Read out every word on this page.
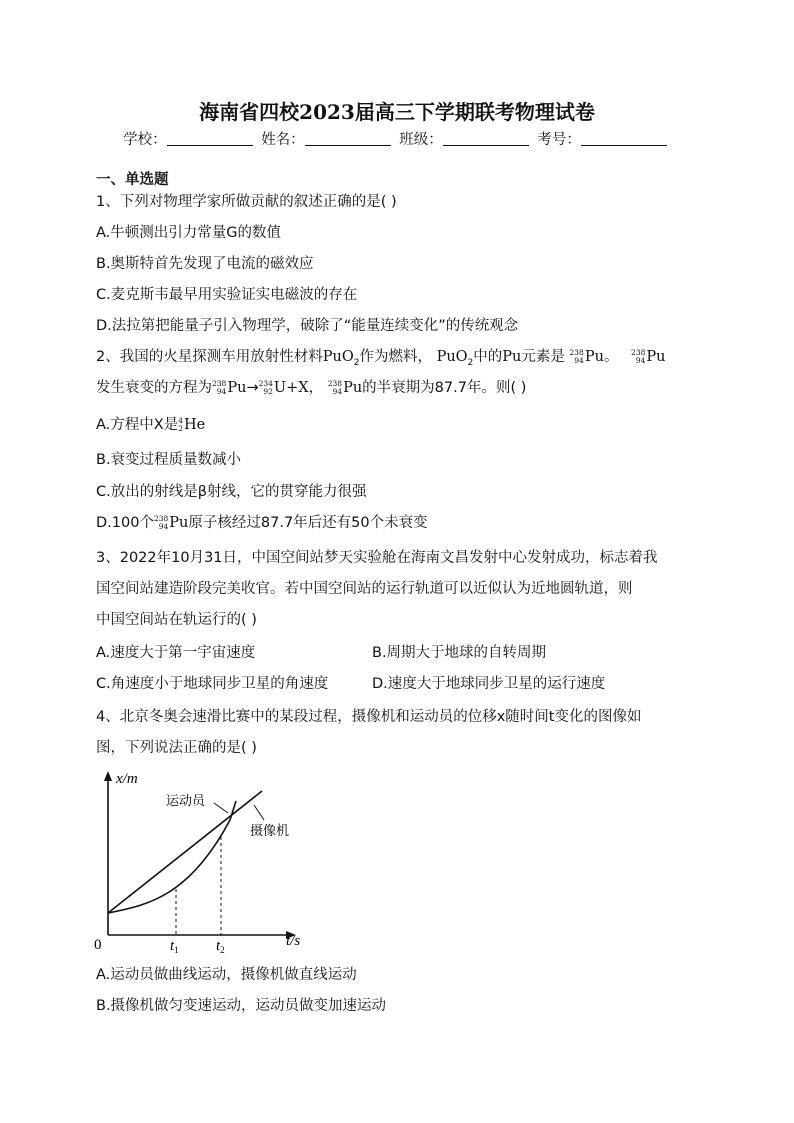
海南省四校2023届高三下学期联考物理试卷
学校：	姓名：	班级：	考号：
一、单选题
1、下列对物理学家所做贡献的叙述正确的是( )
A.牛顿测出引力常量G的数值
B.奥斯特首先发现了电流的磁效应
C.麦克斯韦最早用实验证实电磁波的存在
D.法拉第把能量子引入物理学，破除了“能量连续变化”的传统观念
2、我国的火星探测车用放射性材料PuO$_2$作为燃料， PuO$_2$中的Pu元素是 238
94 Pu。 238
94 Pu
发生衰变的方程为 238
94 Pu→ 234
92 U+X， 238
94 Pu的半衰期为87.7年。则( )
A.方程中X是 4
2 He
B.衰变过程质量数减小
C.放出的射线是β射线，它的贯穿能力很强
D.100个 238
94 Pu原子核经过87.7年后还有50个未衰变
3、2022年10月31日，中国空间站梦天实验舱在海南文昌发射中心发射成功，标志着我
国空间站建造阶段完美收官。若中国空间站的运行轨道可以近似认为近地圆轨道，则
中国空间站在轨运行的( )
A.速度大于第一宇宙速度	B.周期大于地球的自转周期
C.角速度小于地球同步卫星的角速度	D.速度大于地球同步卫星的运行速度
4、北京冬奥会速滑比赛中的某段过程，摄像机和运动员的位移x随时间t变化的图像如
图，下列说法正确的是( )
x/m
t/s
0	$t_1$ $t_2$
运动员
摄像机
A.运动员做曲线运动，摄像机做直线运动
B.摄像机做匀变速运动，运动员做变加速运动
